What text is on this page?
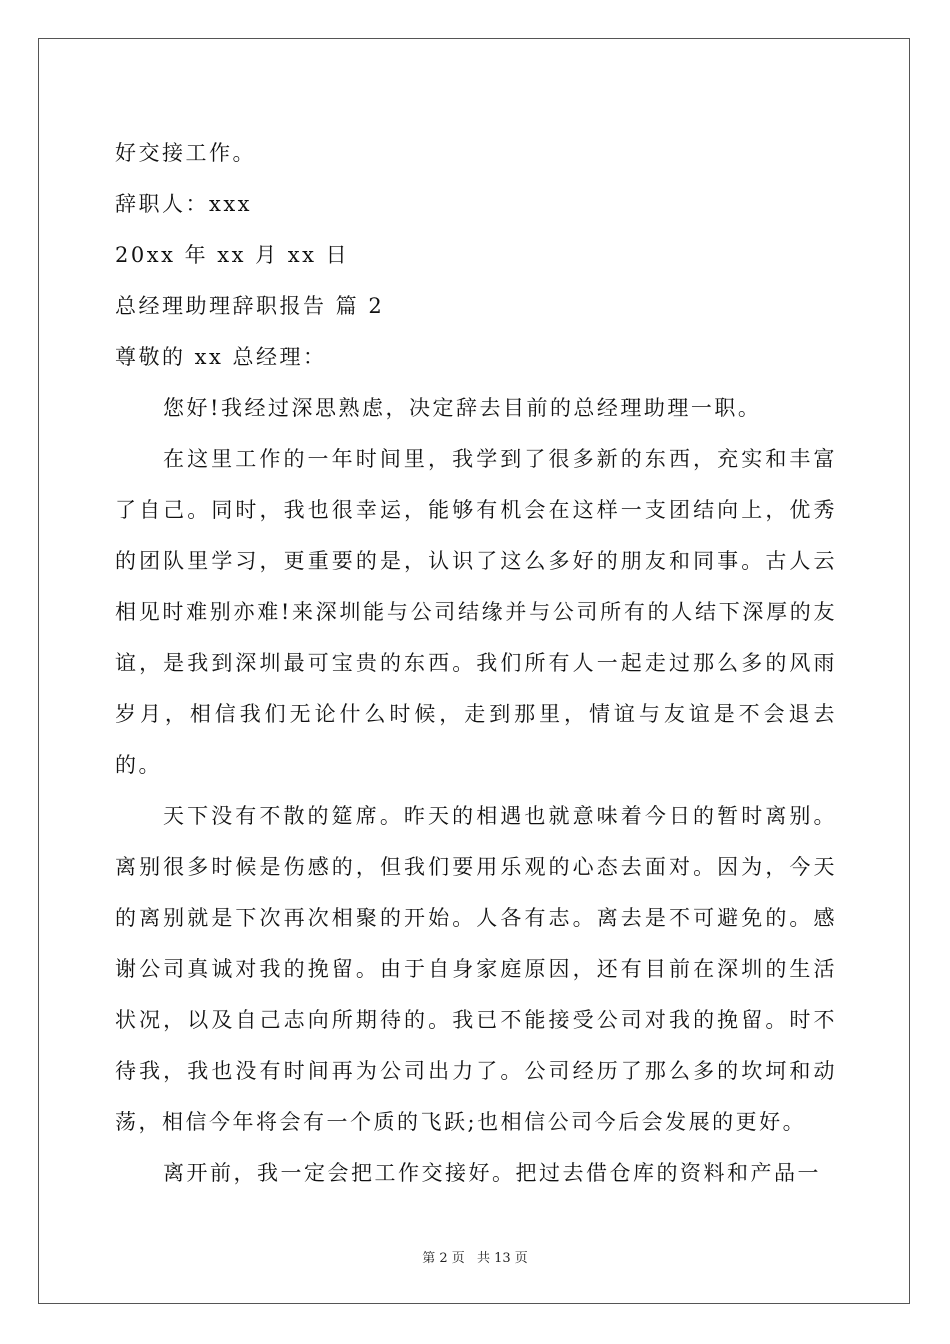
好交接工作。

辞职人：xxx

20xx 年 xx 月 xx 日

总经理助理辞职报告 篇 2

尊敬的 xx 总经理：

您好!我经过深思熟虑，决定辞去目前的总经理助理一职。

在这里工作的一年时间里，我学到了很多新的东西，充实和丰富了自己。同时，我也很幸运，能够有机会在这样一支团结向上，优秀的团队里学习，更重要的是，认识了这么多好的朋友和同事。古人云相见时难别亦难!来深圳能与公司结缘并与公司所有的人结下深厚的友谊，是我到深圳最可宝贵的东西。我们所有人一起走过那么多的风雨岁月，相信我们无论什么时候，走到那里，情谊与友谊是不会退去的。

天下没有不散的筵席。昨天的相遇也就意味着今日的暂时离别。离别很多时候是伤感的，但我们要用乐观的心态去面对。因为，今天的离别就是下次再次相聚的开始。人各有志。离去是不可避免的。感谢公司真诚对我的挽留。由于自身家庭原因，还有目前在深圳的生活状况，以及自己志向所期待的。我已不能接受公司对我的挽留。时不待我，我也没有时间再为公司出力了。公司经历了那么多的坎坷和动荡，相信今年将会有一个质的飞跃;也相信公司今后会发展的更好。

离开前，我一定会把工作交接好。把过去借仓库的资料和产品一

第 2 页 共 13 页
